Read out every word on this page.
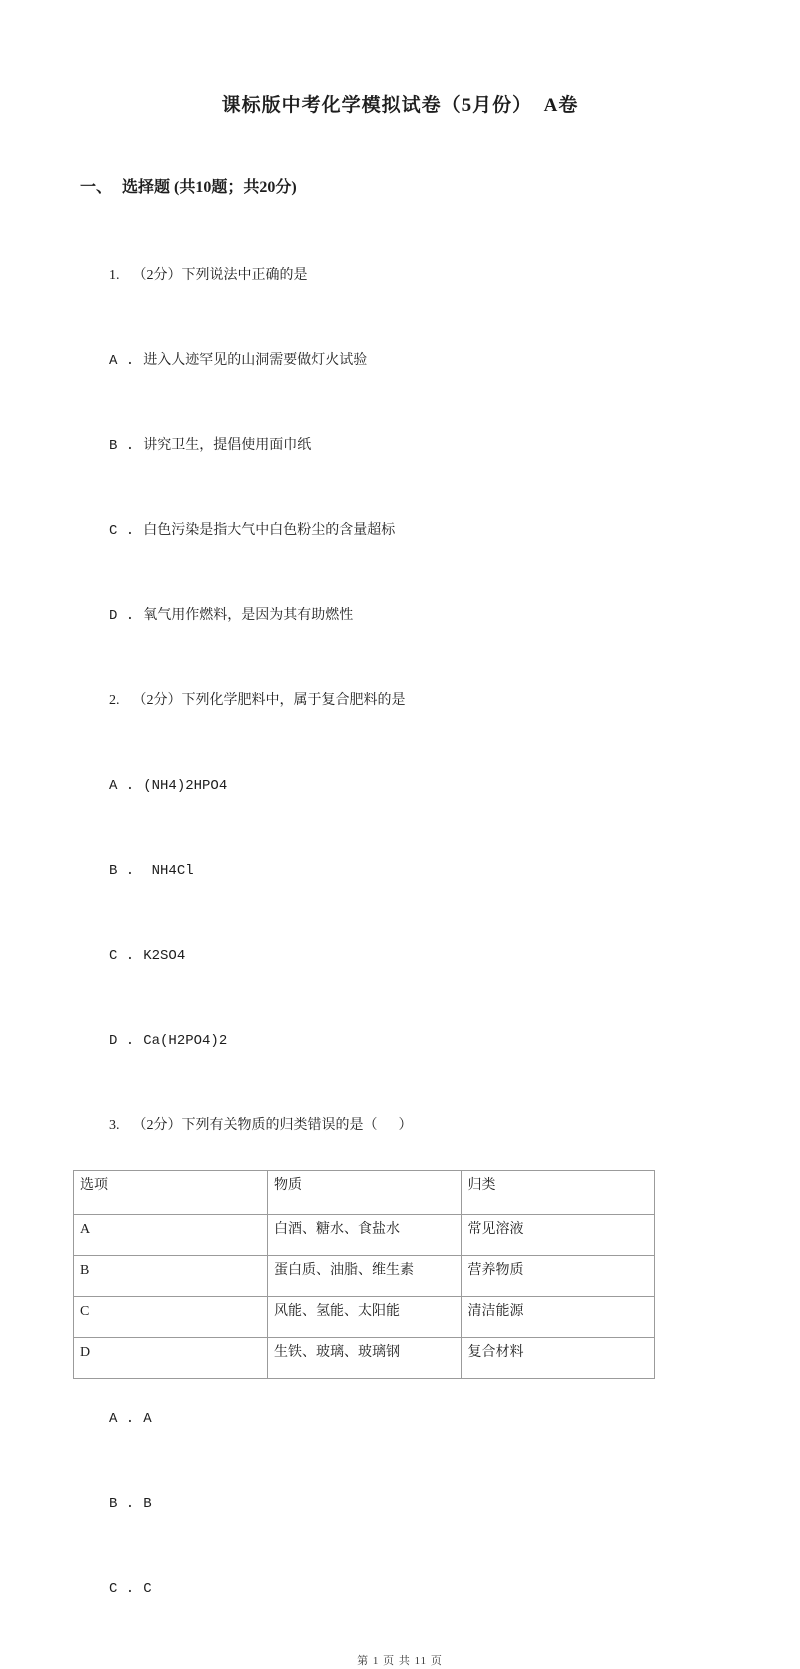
课标版中考化学模拟试卷（5月份）  A卷

一、 选择题 (共10题；共20分)

1. （2分）下列说法中正确的是

A . 进入人迹罕见的山洞需要做灯火试验

B . 讲究卫生，提倡使用面巾纸

C . 白色污染是指大气中白色粉尘的含量超标

D . 氧气用作燃料，是因为其有助燃性

2. （2分）下列化学肥料中，属于复合肥料的是

A . (NH4)2HPO4

B . NH4Cl

C . K2SO4

D . Ca(H2PO4)2

3. （2分）下列有关物质的归类错误的是（      ）

选项	物质	归类
A	白酒、糖水、食盐水	常见溶液
B	蛋白质、油脂、维生素	营养物质
C	风能、氢能、太阳能	清洁能源
D	生铁、玻璃、玻璃钢	复合材料

A . A

B . B

C . C

第 1 页 共 11 页
